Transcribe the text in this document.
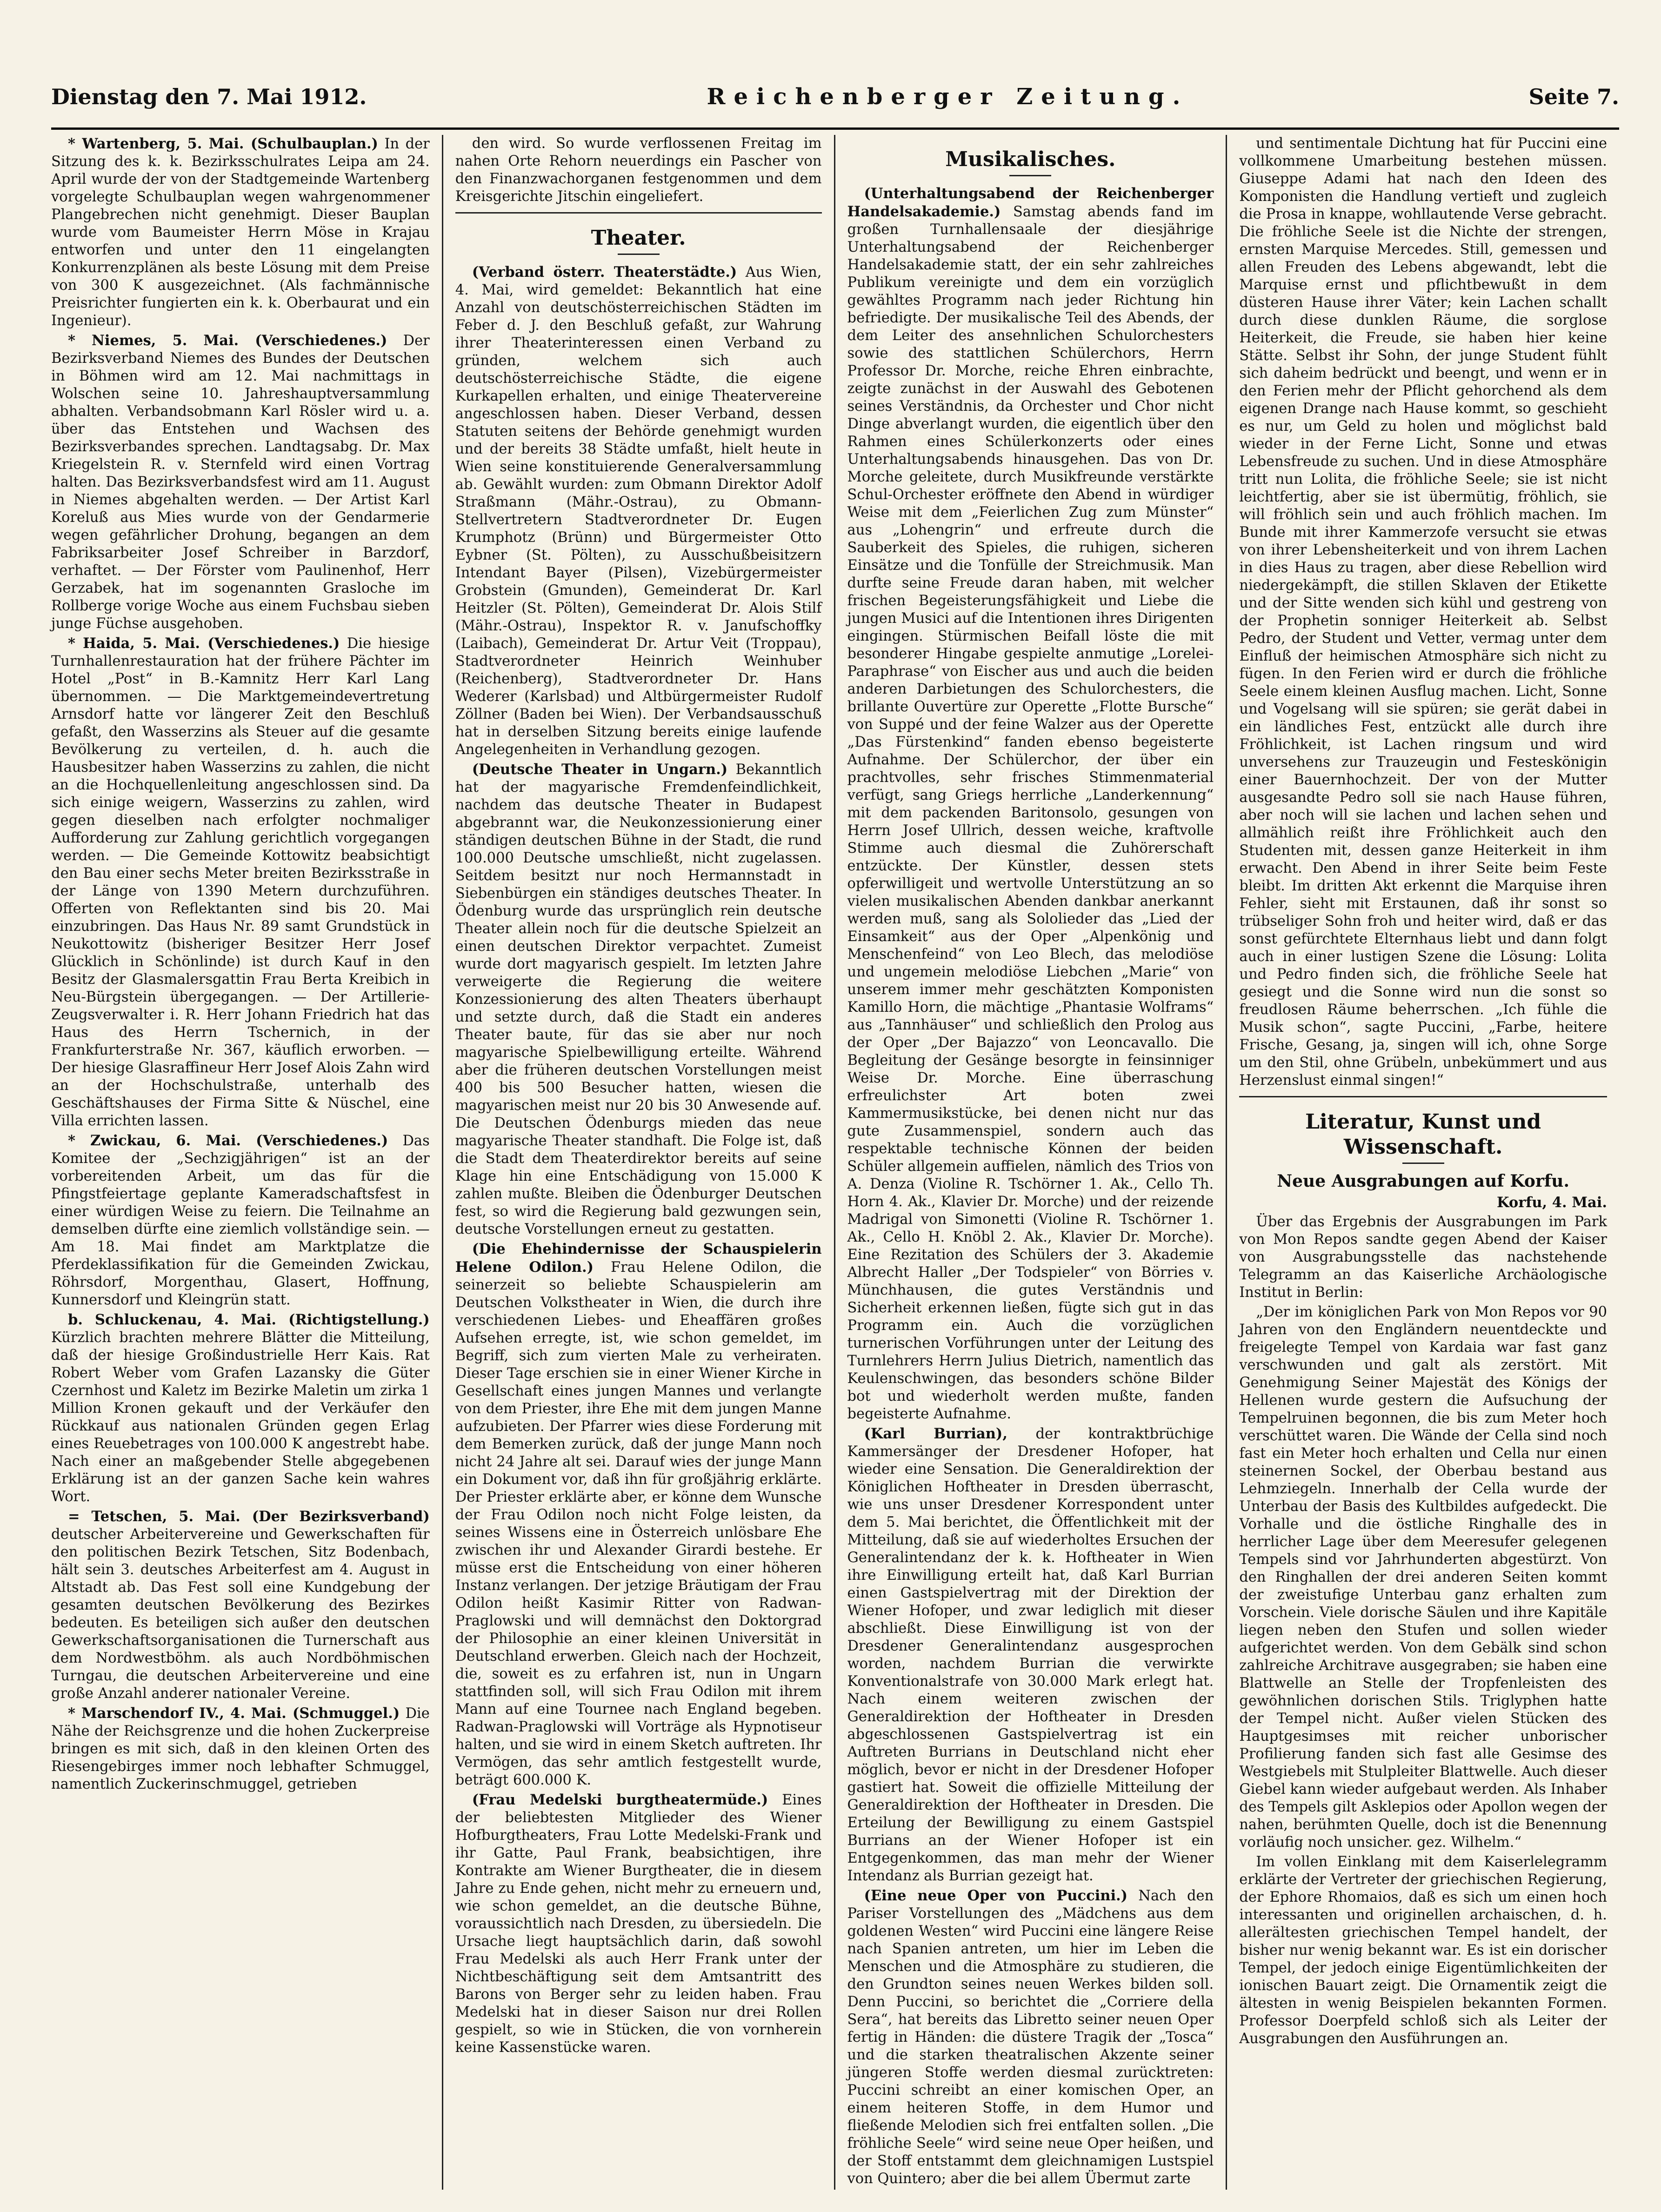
Dienstag den 7. Mai 1912.	Reichenberger Zeitung.	Seite 7.

* Wartenberg, 5. Mai. (Schulbauplan.) In der Sitzung des k. k. Bezirksschulrates Leipa am 24. April wurde der von der Stadtgemeinde Wartenberg vorgelegte Schulbauplan wegen wahrgenommener Plangebrechen nicht genehmigt. Dieser Bauplan wurde vom Baumeister Herrn Möse in Krajau entworfen und unter den 11 eingelangten Konkurrenzplänen als beste Lösung mit dem Preise von 300 K ausgezeichnet. (Als fachmännische Preisrichter fungierten ein k. k. Oberbaurat und ein Ingenieur).

* Niemes, 5. Mai. (Verschiedenes.) Der Bezirksverband Niemes des Bundes der Deutschen in Böhmen wird am 12. Mai nachmittags in Wolschen seine 10. Jahreshauptversammlung abhalten. Verbandsobmann Karl Rösler wird u. a. über das Entstehen und Wachsen des Bezirksverbandes sprechen. Landtagsabg. Dr. Max Kriegelstein R. v. Sternfeld wird einen Vortrag halten. Das Bezirksverbandsfest wird am 11. August in Niemes abgehalten werden. — Der Artist Karl Koreluß aus Mies wurde von der Gendarmerie wegen gefährlicher Drohung, begangen an dem Fabriksarbeiter Josef Schreiber in Barzdorf, verhaftet. — Der Förster vom Paulinenhof, Herr Gerzabek, hat im sogenannten Grasloche im Rollberge vorige Woche aus einem Fuchsbau sieben junge Füchse ausgehoben.

* Haida, 5. Mai. (Verschiedenes.) Die hiesige Turnhallenrestauration hat der frühere Pächter im Hotel „Post“ in B.-Kamnitz Herr Karl Lang übernommen. — Die Marktgemeindevertretung Arnsdorf hatte vor längerer Zeit den Beschluß gefaßt, den Wasserzins als Steuer auf die gesamte Bevölkerung zu verteilen, d. h. auch die Hausbesitzer haben Wasserzins zu zahlen, die nicht an die Hochquellenleitung angeschlossen sind. Da sich einige weigern, Wasserzins zu zahlen, wird gegen dieselben nach erfolgter nochmaliger Aufforderung zur Zahlung gerichtlich vorgegangen werden. — Die Gemeinde Kottowitz beabsichtigt den Bau einer sechs Meter breiten Bezirksstraße in der Länge von 1390 Metern durchzuführen. Offerten von Reflektanten sind bis 20. Mai einzubringen. Das Haus Nr. 89 samt Grundstück in Neukottowitz (bisheriger Besitzer Herr Josef Glücklich in Schönlinde) ist durch Kauf in den Besitz der Glasmalersgattin Frau Berta Kreibich in Neu-Bürgstein übergegangen. — Der Artillerie-Zeugsverwalter i. R. Herr Johann Friedrich hat das Haus des Herrn Tschernich, in der Frankfurterstraße Nr. 367, käuflich erworben. — Der hiesige Glasraffineur Herr Josef Alois Zahn wird an der Hochschulstraße, unterhalb des Geschäftshauses der Firma Sitte & Nüschel, eine Villa errichten lassen.

* Zwickau, 6. Mai. (Verschiedenes.) Das Komitee der „Sechzigjährigen“ ist an der vorbereitenden Arbeit, um das für die Pfingstfeiertage geplante Kameradschaftsfest in einer würdigen Weise zu feiern. Die Teilnahme an demselben dürfte eine ziemlich vollständige sein. — Am 18. Mai findet am Marktplatze die Pferdeklassifikation für die Gemeinden Zwickau, Röhrsdorf, Morgenthau, Glasert, Hoffnung, Kunnersdorf und Kleingrün statt.

b. Schluckenau, 4. Mai. (Richtigstellung.) Kürzlich brachten mehrere Blätter die Mitteilung, daß der hiesige Großindustrielle Herr Kais. Rat Robert Weber vom Grafen Lazansky die Güter Czernhost und Kaletz im Bezirke Maletin um zirka 1 Million Kronen gekauft und der Verkäufer den Rückkauf aus nationalen Gründen gegen Erlag eines Reuebetrages von 100.000 K angestrebt habe. Nach einer an maßgebender Stelle abgegebenen Erklärung ist an der ganzen Sache kein wahres Wort.

= Tetschen, 5. Mai. (Der Bezirksverband) deutscher Arbeitervereine und Gewerkschaften für den politischen Bezirk Tetschen, Sitz Bodenbach, hält sein 3. deutsches Arbeiterfest am 4. August in Altstadt ab. Das Fest soll eine Kundgebung der gesamten deutschen Bevölkerung des Bezirkes bedeuten. Es beteiligen sich außer den deutschen Gewerkschaftsorganisationen die Turnerschaft aus dem Nordwestböhm. als auch Nordböhmischen Turngau, die deutschen Arbeitervereine und eine große Anzahl anderer nationaler Vereine.

* Marschendorf IV., 4. Mai. (Schmuggel.) Die Nähe der Reichsgrenze und die hohen Zuckerpreise bringen es mit sich, daß in den kleinen Orten des Riesengebirges immer noch lebhafter Schmuggel, namentlich Zuckerinschmuggel, getrieben

den wird. So wurde verflossenen Freitag im nahen Orte Rehorn neuerdings ein Pascher von den Finanzwachorganen festgenommen und dem Kreisgerichte Jitschin eingeliefert.

Theater.

(Verband österr. Theaterstädte.) Aus Wien, 4. Mai, wird gemeldet: Bekanntlich hat eine Anzahl von deutschösterreichischen Städten im Feber d. J. den Beschluß gefaßt, zur Wahrung ihrer Theaterinteressen einen Verband zu gründen, welchem sich auch deutschösterreichische Städte, die eigene Kurkapellen erhalten, und einige Theatervereine angeschlossen haben. Dieser Verband, dessen Statuten seitens der Behörde genehmigt wurden und der bereits 38 Städte umfaßt, hielt heute in Wien seine konstituierende Generalversammlung ab. Gewählt wurden: zum Obmann Direktor Adolf Straßmann (Mähr.-Ostrau), zu Obmann-Stellvertretern Stadtverordneter Dr. Eugen Krumphotz (Brünn) und Bürgermeister Otto Eybner (St. Pölten), zu Ausschußbeisitzern Intendant Bayer (Pilsen), Vizebürgermeister Grobstein (Gmunden), Gemeinderat Dr. Karl Heitzler (St. Pölten), Gemeinderat Dr. Alois Stilf (Mähr.-Ostrau), Inspektor R. v. Janufschoffky (Laibach), Gemeinderat Dr. Artur Veit (Troppau), Stadtverordneter Heinrich Weinhuber (Reichenberg), Stadtverordneter Dr. Hans Wederer (Karlsbad) und Altbürgermeister Rudolf Zöllner (Baden bei Wien). Der Verbandsausschuß hat in derselben Sitzung bereits einige laufende Angelegenheiten in Verhandlung gezogen.

(Deutsche Theater in Ungarn.) Bekanntlich hat der magyarische Fremdenfeindlichkeit, nachdem das deutsche Theater in Budapest abgebrannt war, die Neukonzessionierung einer ständigen deutschen Bühne in der Stadt, die rund 100.000 Deutsche umschließt, nicht zugelassen. Seitdem besitzt nur noch Hermannstadt in Siebenbürgen ein ständiges deutsches Theater. In Ödenburg wurde das ursprünglich rein deutsche Theater allein noch für die deutsche Spielzeit an einen deutschen Direktor verpachtet. Zumeist wurde dort magyarisch gespielt. Im letzten Jahre verweigerte die Regierung die weitere Konzessionierung des alten Theaters überhaupt und setzte durch, daß die Stadt ein anderes Theater baute, für das sie aber nur noch magyarische Spielbewilligung erteilte. Während aber die früheren deutschen Vorstellungen meist 400 bis 500 Besucher hatten, wiesen die magyarischen meist nur 20 bis 30 Anwesende auf. Die Deutschen Ödenburgs mieden das neue magyarische Theater standhaft. Die Folge ist, daß die Stadt dem Theaterdirektor bereits auf seine Klage hin eine Entschädigung von 15.000 K zahlen mußte. Bleiben die Ödenburger Deutschen fest, so wird die Regierung bald gezwungen sein, deutsche Vorstellungen erneut zu gestatten.

(Die Ehehindernisse der Schauspielerin Helene Odilon.) Frau Helene Odilon, die seinerzeit so beliebte Schauspielerin am Deutschen Volkstheater in Wien, die durch ihre verschiedenen Liebes- und Eheaffären großes Aufsehen erregte, ist, wie schon gemeldet, im Begriff, sich zum vierten Male zu verheiraten. Dieser Tage erschien sie in einer Wiener Kirche in Gesellschaft eines jungen Mannes und verlangte von dem Priester, ihre Ehe mit dem jungen Manne aufzubieten. Der Pfarrer wies diese Forderung mit dem Bemerken zurück, daß der junge Mann noch nicht 24 Jahre alt sei. Darauf wies der junge Mann ein Dokument vor, daß ihn für großjährig erklärte. Der Priester erklärte aber, er könne dem Wunsche der Frau Odilon noch nicht Folge leisten, da seines Wissens eine in Österreich unlösbare Ehe zwischen ihr und Alexander Girardi bestehe. Er müsse erst die Entscheidung von einer höheren Instanz verlangen. Der jetzige Bräutigam der Frau Odilon heißt Kasimir Ritter von Radwan-Praglowski und will demnächst den Doktorgrad der Philosophie an einer kleinen Universität in Deutschland erwerben. Gleich nach der Hochzeit, die, soweit es zu erfahren ist, nun in Ungarn stattfinden soll, will sich Frau Odilon mit ihrem Mann auf eine Tournee nach England begeben. Radwan-Praglowski will Vorträge als Hypnotiseur halten, und sie wird in einem Sketch auftreten. Ihr Vermögen, das sehr amtlich festgestellt wurde, beträgt 600.000 K.

(Frau Medelski burgtheatermüde.) Eines der beliebtesten Mitglieder des Wiener Hofburgtheaters, Frau Lotte Medelski-Frank und ihr Gatte, Paul Frank, beabsichtigen, ihre Kontrakte am Wiener Burgtheater, die in diesem Jahre zu Ende gehen, nicht mehr zu erneuern und, wie schon gemeldet, an die deutsche Bühne, voraussichtlich nach Dresden, zu übersiedeln. Die Ursache liegt hauptsächlich darin, daß sowohl Frau Medelski als auch Herr Frank unter der Nichtbeschäftigung seit dem Amtsantritt des Barons von Berger sehr zu leiden haben. Frau Medelski hat in dieser Saison nur drei Rollen gespielt, so wie in Stücken, die von vornherein keine Kassenstücke waren.

Musikalisches.

(Unterhaltungsabend der Reichenberger Handelsakademie.) Samstag abends fand im großen Turnhallensaale der diesjährige Unterhaltungsabend der Reichenberger Handelsakademie statt, der ein sehr zahlreiches Publikum vereinigte und dem ein vorzüglich gewähltes Programm nach jeder Richtung hin befriedigte. Der musikalische Teil des Abends, der dem Leiter des ansehnlichen Schulorchesters sowie des stattlichen Schülerchors, Herrn Professor Dr. Morche, reiche Ehren einbrachte, zeigte zunächst in der Auswahl des Gebotenen seines Verständnis, da Orchester und Chor nicht Dinge abverlangt wurden, die eigentlich über den Rahmen eines Schülerkonzerts oder eines Unterhaltungsabends hinausgehen. Das von Dr. Morche geleitete, durch Musikfreunde verstärkte Schul-Orchester eröffnete den Abend in würdiger Weise mit dem „Feierlichen Zug zum Münster“ aus „Lohengrin“ und erfreute durch die Sauberkeit des Spieles, die ruhigen, sicheren Einsätze und die Tonfülle der Streichmusik. Man durfte seine Freude daran haben, mit welcher frischen Begeisterungsfähigkeit und Liebe die jungen Musici auf die Intentionen ihres Dirigenten eingingen. Stürmischen Beifall löste die mit besonderer Hingabe gespielte anmutige „Lorelei-Paraphrase“ von Eischer aus und auch die beiden anderen Darbietungen des Schulorchesters, die brillante Ouvertüre zur Operette „Flotte Bursche“ von Suppé und der feine Walzer aus der Operette „Das Fürstenkind“ fanden ebenso begeisterte Aufnahme. Der Schülerchor, der über ein prachtvolles, sehr frisches Stimmenmaterial verfügt, sang Griegs herrliche „Landerkennung“ mit dem packenden Baritonsolo, gesungen von Herrn Josef Ullrich, dessen weiche, kraftvolle Stimme auch diesmal die Zuhörerschaft entzückte. Der Künstler, dessen stets opferwilligeit und wertvolle Unterstützung an so vielen musikalischen Abenden dankbar anerkannt werden muß, sang als Sololieder das „Lied der Einsamkeit“ aus der Oper „Alpenkönig und Menschenfeind“ von Leo Blech, das melodiöse und ungemein melodiöse Liebchen „Marie“ von unserem immer mehr geschätzten Komponisten Kamillo Horn, die mächtige „Phantasie Wolframs“ aus „Tannhäuser“ und schließlich den Prolog aus der Oper „Der Bajazzo“ von Leoncavallo. Die Begleitung der Gesänge besorgte in feinsinniger Weise Dr. Morche. Eine überraschung erfreulichster Art boten zwei Kammermusikstücke, bei denen nicht nur das gute Zusammenspiel, sondern auch das respektable technische Können der beiden Schüler allgemein auffielen, nämlich des Trios von A. Denza (Violine R. Tschörner 1. Ak., Cello Th. Horn 4. Ak., Klavier Dr. Morche) und der reizende Madrigal von Simonetti (Violine R. Tschörner 1. Ak., Cello H. Knöbl 2. Ak., Klavier Dr. Morche). Eine Rezitation des Schülers der 3. Akademie Albrecht Haller „Der Todspieler“ von Börries v. Münchhausen, die gutes Verständnis und Sicherheit erkennen ließen, fügte sich gut in das Programm ein. Auch die vorzüglichen turnerischen Vorführungen unter der Leitung des Turnlehrers Herrn Julius Dietrich, namentlich das Keulenschwingen, das besonders schöne Bilder bot und wiederholt werden mußte, fanden begeisterte Aufnahme.

(Karl Burrian), der kontraktbrüchige Kammersänger der Dresdener Hofoper, hat wieder eine Sensation. Die Generaldirektion der Königlichen Hoftheater in Dresden überrascht, wie uns unser Dresdener Korrespondent unter dem 5. Mai berichtet, die Öffentlichkeit mit der Mitteilung, daß sie auf wiederholtes Ersuchen der Generalintendanz der k. k. Hoftheater in Wien ihre Einwilligung erteilt hat, daß Karl Burrian einen Gastspielvertrag mit der Direktion der Wiener Hofoper, und zwar lediglich mit dieser abschließt. Diese Einwilligung ist von der Dresdener Generalintendanz ausgesprochen worden, nachdem Burrian die verwirkte Konventionalstrafe von 30.000 Mark erlegt hat. Nach einem weiteren zwischen der Generaldirektion der Hoftheater in Dresden abgeschlossenen Gastspielvertrag ist ein Auftreten Burrians in Deutschland nicht eher möglich, bevor er nicht in der Dresdener Hofoper gastiert hat. Soweit die offizielle Mitteilung der Generaldirektion der Hoftheater in Dresden. Die Erteilung der Bewilligung zu einem Gastspiel Burrians an der Wiener Hofoper ist ein Entgegenkommen, das man mehr der Wiener Intendanz als Burrian gezeigt hat.

(Eine neue Oper von Puccini.) Nach den Pariser Vorstellungen des „Mädchens aus dem goldenen Westen“ wird Puccini eine längere Reise nach Spanien antreten, um hier im Leben die Menschen und die Atmosphäre zu studieren, die den Grundton seines neuen Werkes bilden soll. Denn Puccini, so berichtet die „Corriere della Sera“, hat bereits das Libretto seiner neuen Oper fertig in Händen: die düstere Tragik der „Tosca“ und die starken theatralischen Akzente seiner jüngeren Stoffe werden diesmal zurücktreten: Puccini schreibt an einer komischen Oper, an einem heiteren Stoffe, in dem Humor und fließende Melodien sich frei entfalten sollen. „Die fröhliche Seele“ wird seine neue Oper heißen, und der Stoff entstammt dem gleichnamigen Lustspiel von Quintero; aber die bei allem Übermut zarte

und sentimentale Dichtung hat für Puccini eine vollkommene Umarbeitung bestehen müssen. Giuseppe Adami hat nach den Ideen des Komponisten die Handlung vertieft und zugleich die Prosa in knappe, wohllautende Verse gebracht. Die fröhliche Seele ist die Nichte der strengen, ernsten Marquise Mercedes. Still, gemessen und allen Freuden des Lebens abgewandt, lebt die Marquise ernst und pflichtbewußt in dem düsteren Hause ihrer Väter; kein Lachen schallt durch diese dunklen Räume, die sorglose Heiterkeit, die Freude, sie haben hier keine Stätte. Selbst ihr Sohn, der junge Student fühlt sich daheim bedrückt und beengt, und wenn er in den Ferien mehr der Pflicht gehorchend als dem eigenen Drange nach Hause kommt, so geschieht es nur, um Geld zu holen und möglichst bald wieder in der Ferne Licht, Sonne und etwas Lebensfreude zu suchen. Und in diese Atmosphäre tritt nun Lolita, die fröhliche Seele; sie ist nicht leichtfertig, aber sie ist übermütig, fröhlich, sie will fröhlich sein und auch fröhlich machen. Im Bunde mit ihrer Kammerzofe versucht sie etwas von ihrer Lebensheiterkeit und von ihrem Lachen in dies Haus zu tragen, aber diese Rebellion wird niedergekämpft, die stillen Sklaven der Etikette und der Sitte wenden sich kühl und gestreng von der Prophetin sonniger Heiterkeit ab. Selbst Pedro, der Student und Vetter, vermag unter dem Einfluß der heimischen Atmosphäre sich nicht zu fügen. In den Ferien wird er durch die fröhliche Seele einem kleinen Ausflug machen. Licht, Sonne und Vogelsang will sie spüren; sie gerät dabei in ein ländliches Fest, entzückt alle durch ihre Fröhlichkeit, ist Lachen ringsum und wird unversehens zur Trauzeugin und Festeskönigin einer Bauernhochzeit. Der von der Mutter ausgesandte Pedro soll sie nach Hause führen, aber noch will sie lachen und lachen sehen und allmählich reißt ihre Fröhlichkeit auch den Studenten mit, dessen ganze Heiterkeit in ihm erwacht. Den Abend in ihrer Seite beim Feste bleibt. Im dritten Akt erkennt die Marquise ihren Fehler, sieht mit Erstaunen, daß ihr sonst so trübseliger Sohn froh und heiter wird, daß er das sonst gefürchtete Elternhaus liebt und dann folgt auch in einer lustigen Szene die Lösung: Lolita und Pedro finden sich, die fröhliche Seele hat gesiegt und die Sonne wird nun die sonst so freudlosen Räume beherrschen. „Ich fühle die Musik schon“, sagte Puccini, „Farbe, heitere Frische, Gesang, ja, singen will ich, ohne Sorge um den Stil, ohne Grübeln, unbekümmert und aus Herzenslust einmal singen!“

Literatur, Kunst und Wissenschaft.
Neue Ausgrabungen auf Korfu.

Korfu, 4. Mai.

Über das Ergebnis der Ausgrabungen im Park von Mon Repos sandte gegen Abend der Kaiser von Ausgrabungsstelle das nachstehende Telegramm an das Kaiserliche Archäologische Institut in Berlin:

„Der im königlichen Park von Mon Repos vor 90 Jahren von den Engländern neuentdeckte und freigelegte Tempel von Kardaia war fast ganz verschwunden und galt als zerstört. Mit Genehmigung Seiner Majestät des Königs der Hellenen wurde gestern die Aufsuchung der Tempelruinen begonnen, die bis zum Meter hoch verschüttet waren. Die Wände der Cella sind noch fast ein Meter hoch erhalten und Cella nur einen steinernen Sockel, der Oberbau bestand aus Lehmziegeln. Innerhalb der Cella wurde der Unterbau der Basis des Kultbildes aufgedeckt. Die Vorhalle und die östliche Ringhalle des in herrlicher Lage über dem Meeresufer gelegenen Tempels sind vor Jahrhunderten abgestürzt. Von den Ringhallen der drei anderen Seiten kommt der zweistufige Unterbau ganz erhalten zum Vorschein. Viele dorische Säulen und ihre Kapitäle liegen neben den Stufen und sollen wieder aufgerichtet werden. Von dem Gebälk sind schon zahlreiche Architrave ausgegraben; sie haben eine Blattwelle an Stelle der Tropfenleisten des gewöhnlichen dorischen Stils. Triglyphen hatte der Tempel nicht. Außer vielen Stücken des Hauptgesimses mit reicher unborischer Profilierung fanden sich fast alle Gesimse des Westgiebels mit Stulpleiter Blattwelle. Auch dieser Giebel kann wieder aufgebaut werden. Als Inhaber des Tempels gilt Asklepios oder Apollon wegen der nahen, berühmten Quelle, doch ist die Benennung vorläufig noch unsicher. gez. Wilhelm.“

Im vollen Einklang mit dem Kaiserlelegramm erklärte der Vertreter der griechischen Regierung, der Ephore Rhomaios, daß es sich um einen hoch interessanten und originellen archaischen, d. h. allerältesten griechischen Tempel handelt, der bisher nur wenig bekannt war. Es ist ein dorischer Tempel, der jedoch einige Eigentümlichkeiten der ionischen Bauart zeigt. Die Ornamentik zeigt die ältesten in wenig Beispielen bekannten Formen. Professor Doerpfeld schloß sich als Leiter der Ausgrabungen den Ausführungen an.
